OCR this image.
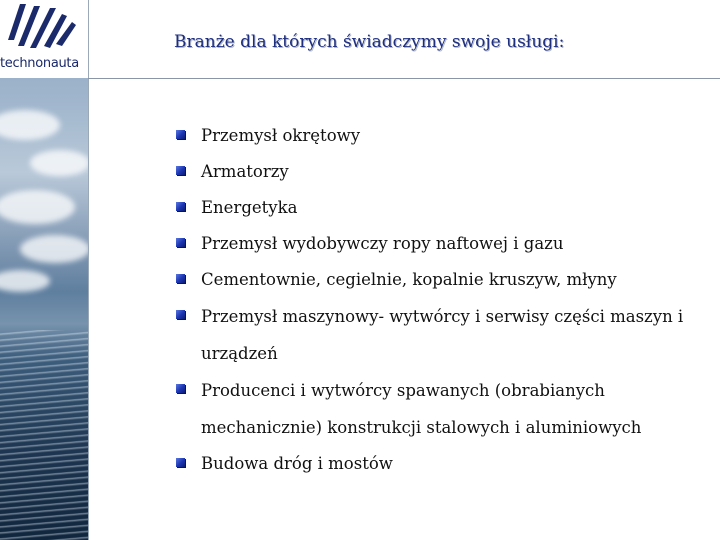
technonauta
Branże dla których świadczymy swoje usługi:
Przemysł okrętowy
Armatorzy
Energetyka
Przemysł wydobywczy ropy naftowej i gazu
Cementownie, cegielnie, kopalnie kruszyw, młyny
Przemysł maszynowy- wytwórcy i serwisy części maszyn i urządzeń
Producenci i wytwórcy spawanych (obrabianych mechanicznie) konstrukcji stalowych i aluminiowych
Budowa dróg i mostów
